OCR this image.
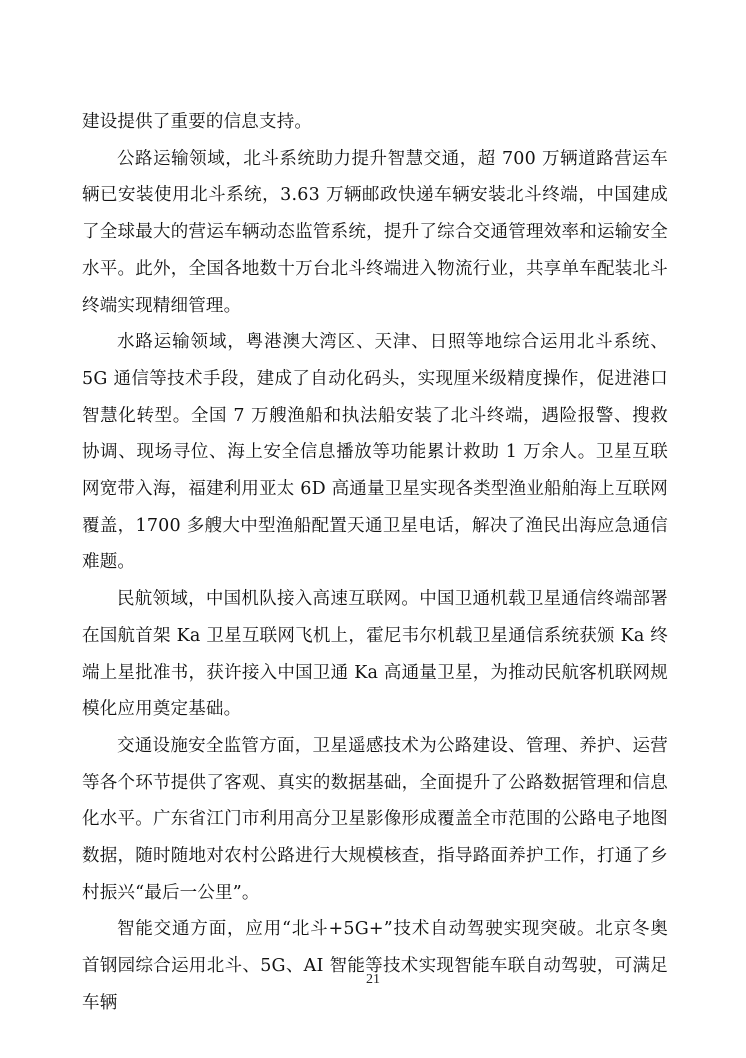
建设提供了重要的信息支持。

公路运输领域，北斗系统助力提升智慧交通，超 700 万辆道路营运车辆已安装使用北斗系统，3.63 万辆邮政快递车辆安装北斗终端，中国建成了全球最大的营运车辆动态监管系统，提升了综合交通管理效率和运输安全水平。此外，全国各地数十万台北斗终端进入物流行业，共享单车配装北斗终端实现精细管理。

水路运输领域，粤港澳大湾区、天津、日照等地综合运用北斗系统、5G 通信等技术手段，建成了自动化码头，实现厘米级精度操作，促进港口智慧化转型。全国 7 万艘渔船和执法船安装了北斗终端，遇险报警、搜救协调、现场寻位、海上安全信息播放等功能累计救助 1 万余人。卫星互联网宽带入海，福建利用亚太 6D 高通量卫星实现各类型渔业船舶海上互联网覆盖，1700 多艘大中型渔船配置天通卫星电话，解决了渔民出海应急通信难题。

民航领域，中国机队接入高速互联网。中国卫通机载卫星通信终端部署在国航首架 Ka 卫星互联网飞机上，霍尼韦尔机载卫星通信系统获颁 Ka 终端上星批准书，获许接入中国卫通 Ka 高通量卫星，为推动民航客机联网规模化应用奠定基础。

交通设施安全监管方面，卫星遥感技术为公路建设、管理、养护、运营等各个环节提供了客观、真实的数据基础，全面提升了公路数据管理和信息化水平。广东省江门市利用高分卫星影像形成覆盖全市范围的公路电子地图数据，随时随地对农村公路进行大规模核查，指导路面养护工作，打通了乡村振兴“最后一公里”。

智能交通方面，应用“北斗+5G+”技术自动驾驶实现突破。北京冬奥首钢园综合运用北斗、5G、AI 智能等技术实现智能车联自动驾驶，可满足车辆

21
